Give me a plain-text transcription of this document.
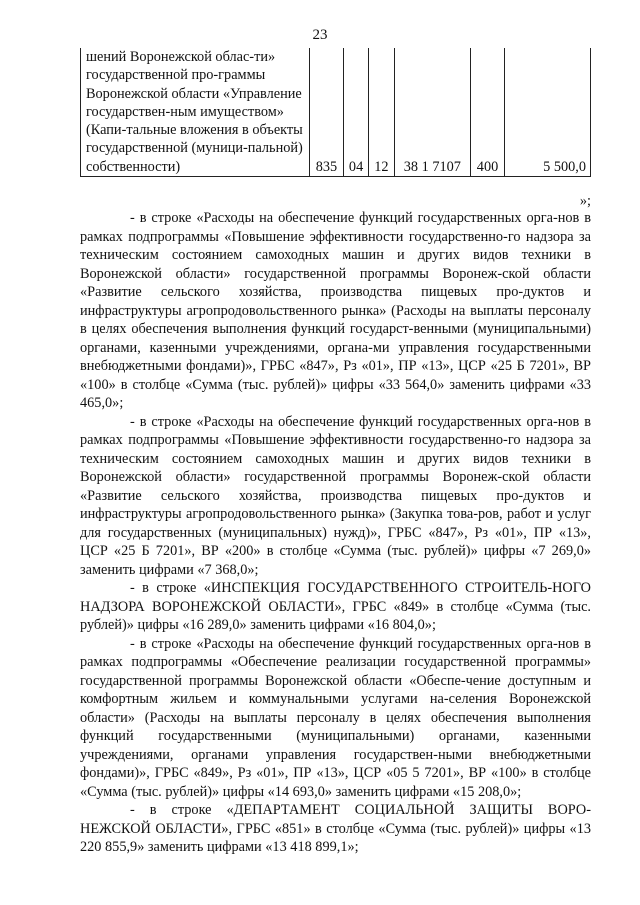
23
шений Воронежской облас-ти» государственной про-граммы Воронежской области «Управление государствен-ным имуществом» (Капи-тальные вложения в объекты государственной (муници-пальной) собственности)	835	04	12	38 1 7107	400	5 500,0
»;

- в строке «Расходы на обеспечение функций государственных орга-нов в рамках подпрограммы «Повышение эффективности государственно-го надзора за техническим состоянием самоходных машин и других видов техники в Воронежской области» государственной программы Воронеж-ской области «Развитие сельского хозяйства, производства пищевых про-дуктов и инфраструктуры агропродовольственного рынка» (Расходы на выплаты персоналу в целях обеспечения выполнения функций государст-венными (муниципальными) органами, казенными учреждениями, органа-ми управления государственными внебюджетными фондами)», ГРБС «847», Рз «01», ПР «13», ЦСР «25 Б 7201», ВР «100» в столбце «Сумма (тыс. рублей)» цифры «33 564,0» заменить цифрами «33 465,0»;

- в строке «Расходы на обеспечение функций государственных орга-нов в рамках подпрограммы «Повышение эффективности государственно-го надзора за техническим состоянием самоходных машин и других видов техники в Воронежской области» государственной программы Воронеж-ской области «Развитие сельского хозяйства, производства пищевых про-дуктов и инфраструктуры агропродовольственного рынка» (Закупка това-ров, работ и услуг для государственных (муниципальных) нужд)», ГРБС «847», Рз «01», ПР «13», ЦСР «25 Б 7201», ВР «200» в столбце «Сумма (тыс. рублей)» цифры «7 269,0» заменить цифрами «7 368,0»;

- в строке «ИНСПЕКЦИЯ ГОСУДАРСТВЕННОГО СТРОИТЕЛЬ-НОГО НАДЗОРА ВОРОНЕЖСКОЙ ОБЛАСТИ», ГРБС «849» в столбце «Сумма (тыс. рублей)» цифры «16 289,0» заменить цифрами «16 804,0»;

- в строке «Расходы на обеспечение функций государственных орга-нов в рамках подпрограммы «Обеспечение реализации государственной программы» государственной программы Воронежской области «Обеспе-чение доступным и комфортным жильем и коммунальными услугами на-селения Воронежской области» (Расходы на выплаты персоналу в целях обеспечения выполнения функций государственными (муниципальными) органами, казенными учреждениями, органами управления государствен-ными внебюджетными фондами)», ГРБС «849», Рз «01», ПР «13», ЦСР «05 5 7201», ВР «100» в столбце «Сумма (тыс. рублей)» цифры «14 693,0» заменить цифрами «15 208,0»;

- в строке «ДЕПАРТАМЕНТ СОЦИАЛЬНОЙ ЗАЩИТЫ ВОРО-НЕЖСКОЙ ОБЛАСТИ», ГРБС «851» в столбце «Сумма (тыс. рублей)» цифры «13 220 855,9» заменить цифрами «13 418 899,1»;
